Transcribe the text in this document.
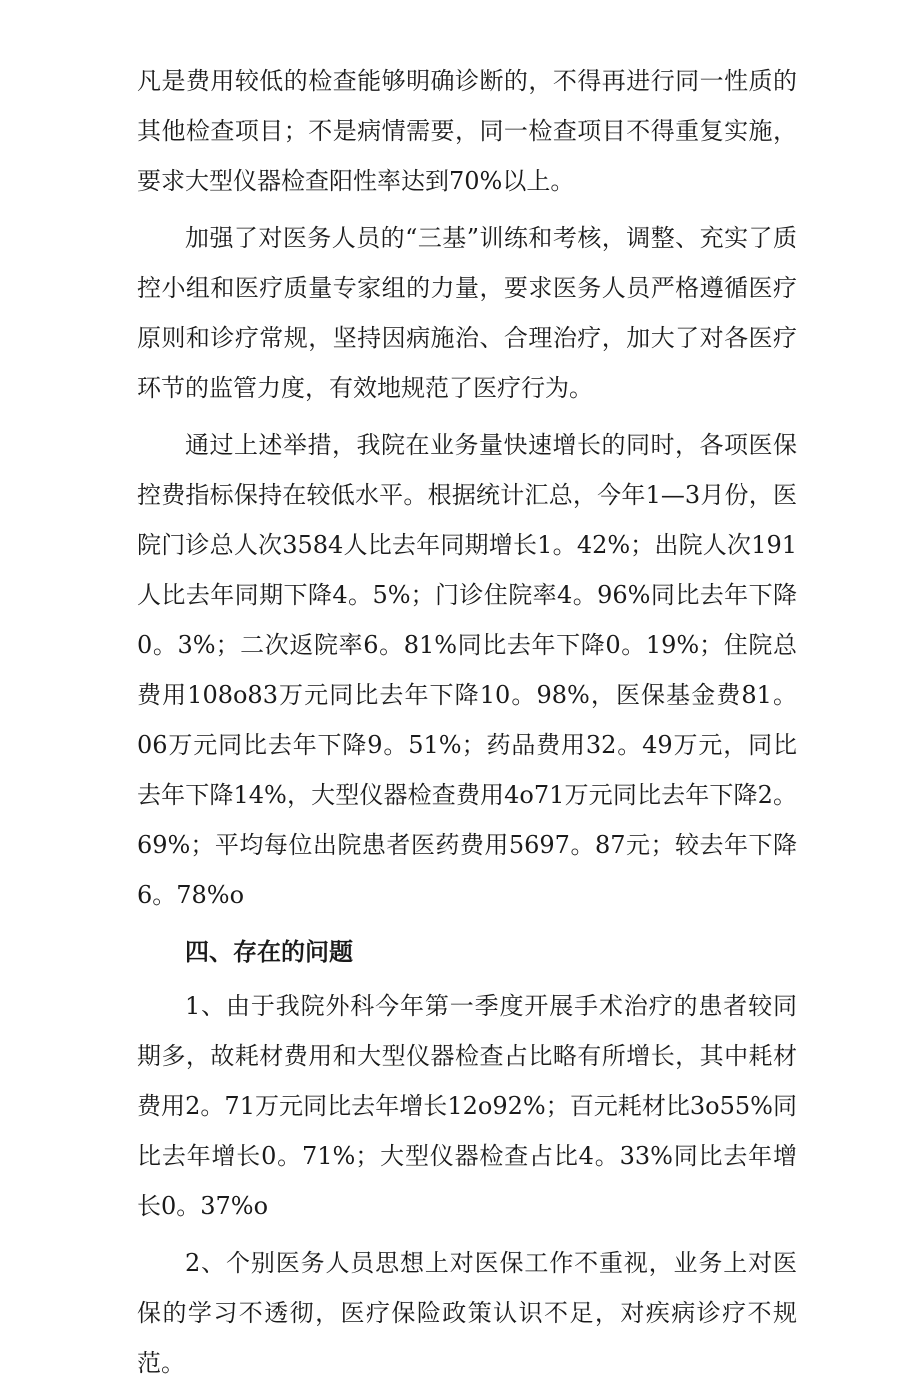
凡是费用较低的检查能够明确诊断的，不得再进行同一性质的其他检查项目；不是病情需要，同一检查项目不得重复实施，要求大型仪器检查阳性率达到70%以上。

加强了对医务人员的“三基”训练和考核，调整、充实了质控小组和医疗质量专家组的力量，要求医务人员严格遵循医疗原则和诊疗常规，坚持因病施治、合理治疗，加大了对各医疗环节的监管力度，有效地规范了医疗行为。

通过上述举措，我院在业务量快速增长的同时，各项医保控费指标保持在较低水平。根据统计汇总，今年1—3月份，医院门诊总人次3584人比去年同期增长1。42%；出院人次191人比去年同期下降4。5%；门诊住院率4。96%同比去年下降0。3%；二次返院率6。81%同比去年下降0。19%；住院总费用108o83万元同比去年下降10。98%，医保基金费81。06万元同比去年下降9。51%；药品费用32。49万元，同比去年下降14%，大型仪器检查费用4o71万元同比去年下降2。69%；平均每位出院患者医药费用5697。87元；较去年下降6。78%o

四、存在的问题

1、由于我院外科今年第一季度开展手术治疗的患者较同期多，故耗材费用和大型仪器检查占比略有所增长，其中耗材费用2。71万元同比去年增长12o92%；百元耗材比3o55%同比去年增长0。71%；大型仪器检查占比4。33%同比去年增长0。37%o

2、个别医务人员思想上对医保工作不重视，业务上对医保的学习不透彻，医疗保险政策认识不足，对疾病诊疗不规范。
